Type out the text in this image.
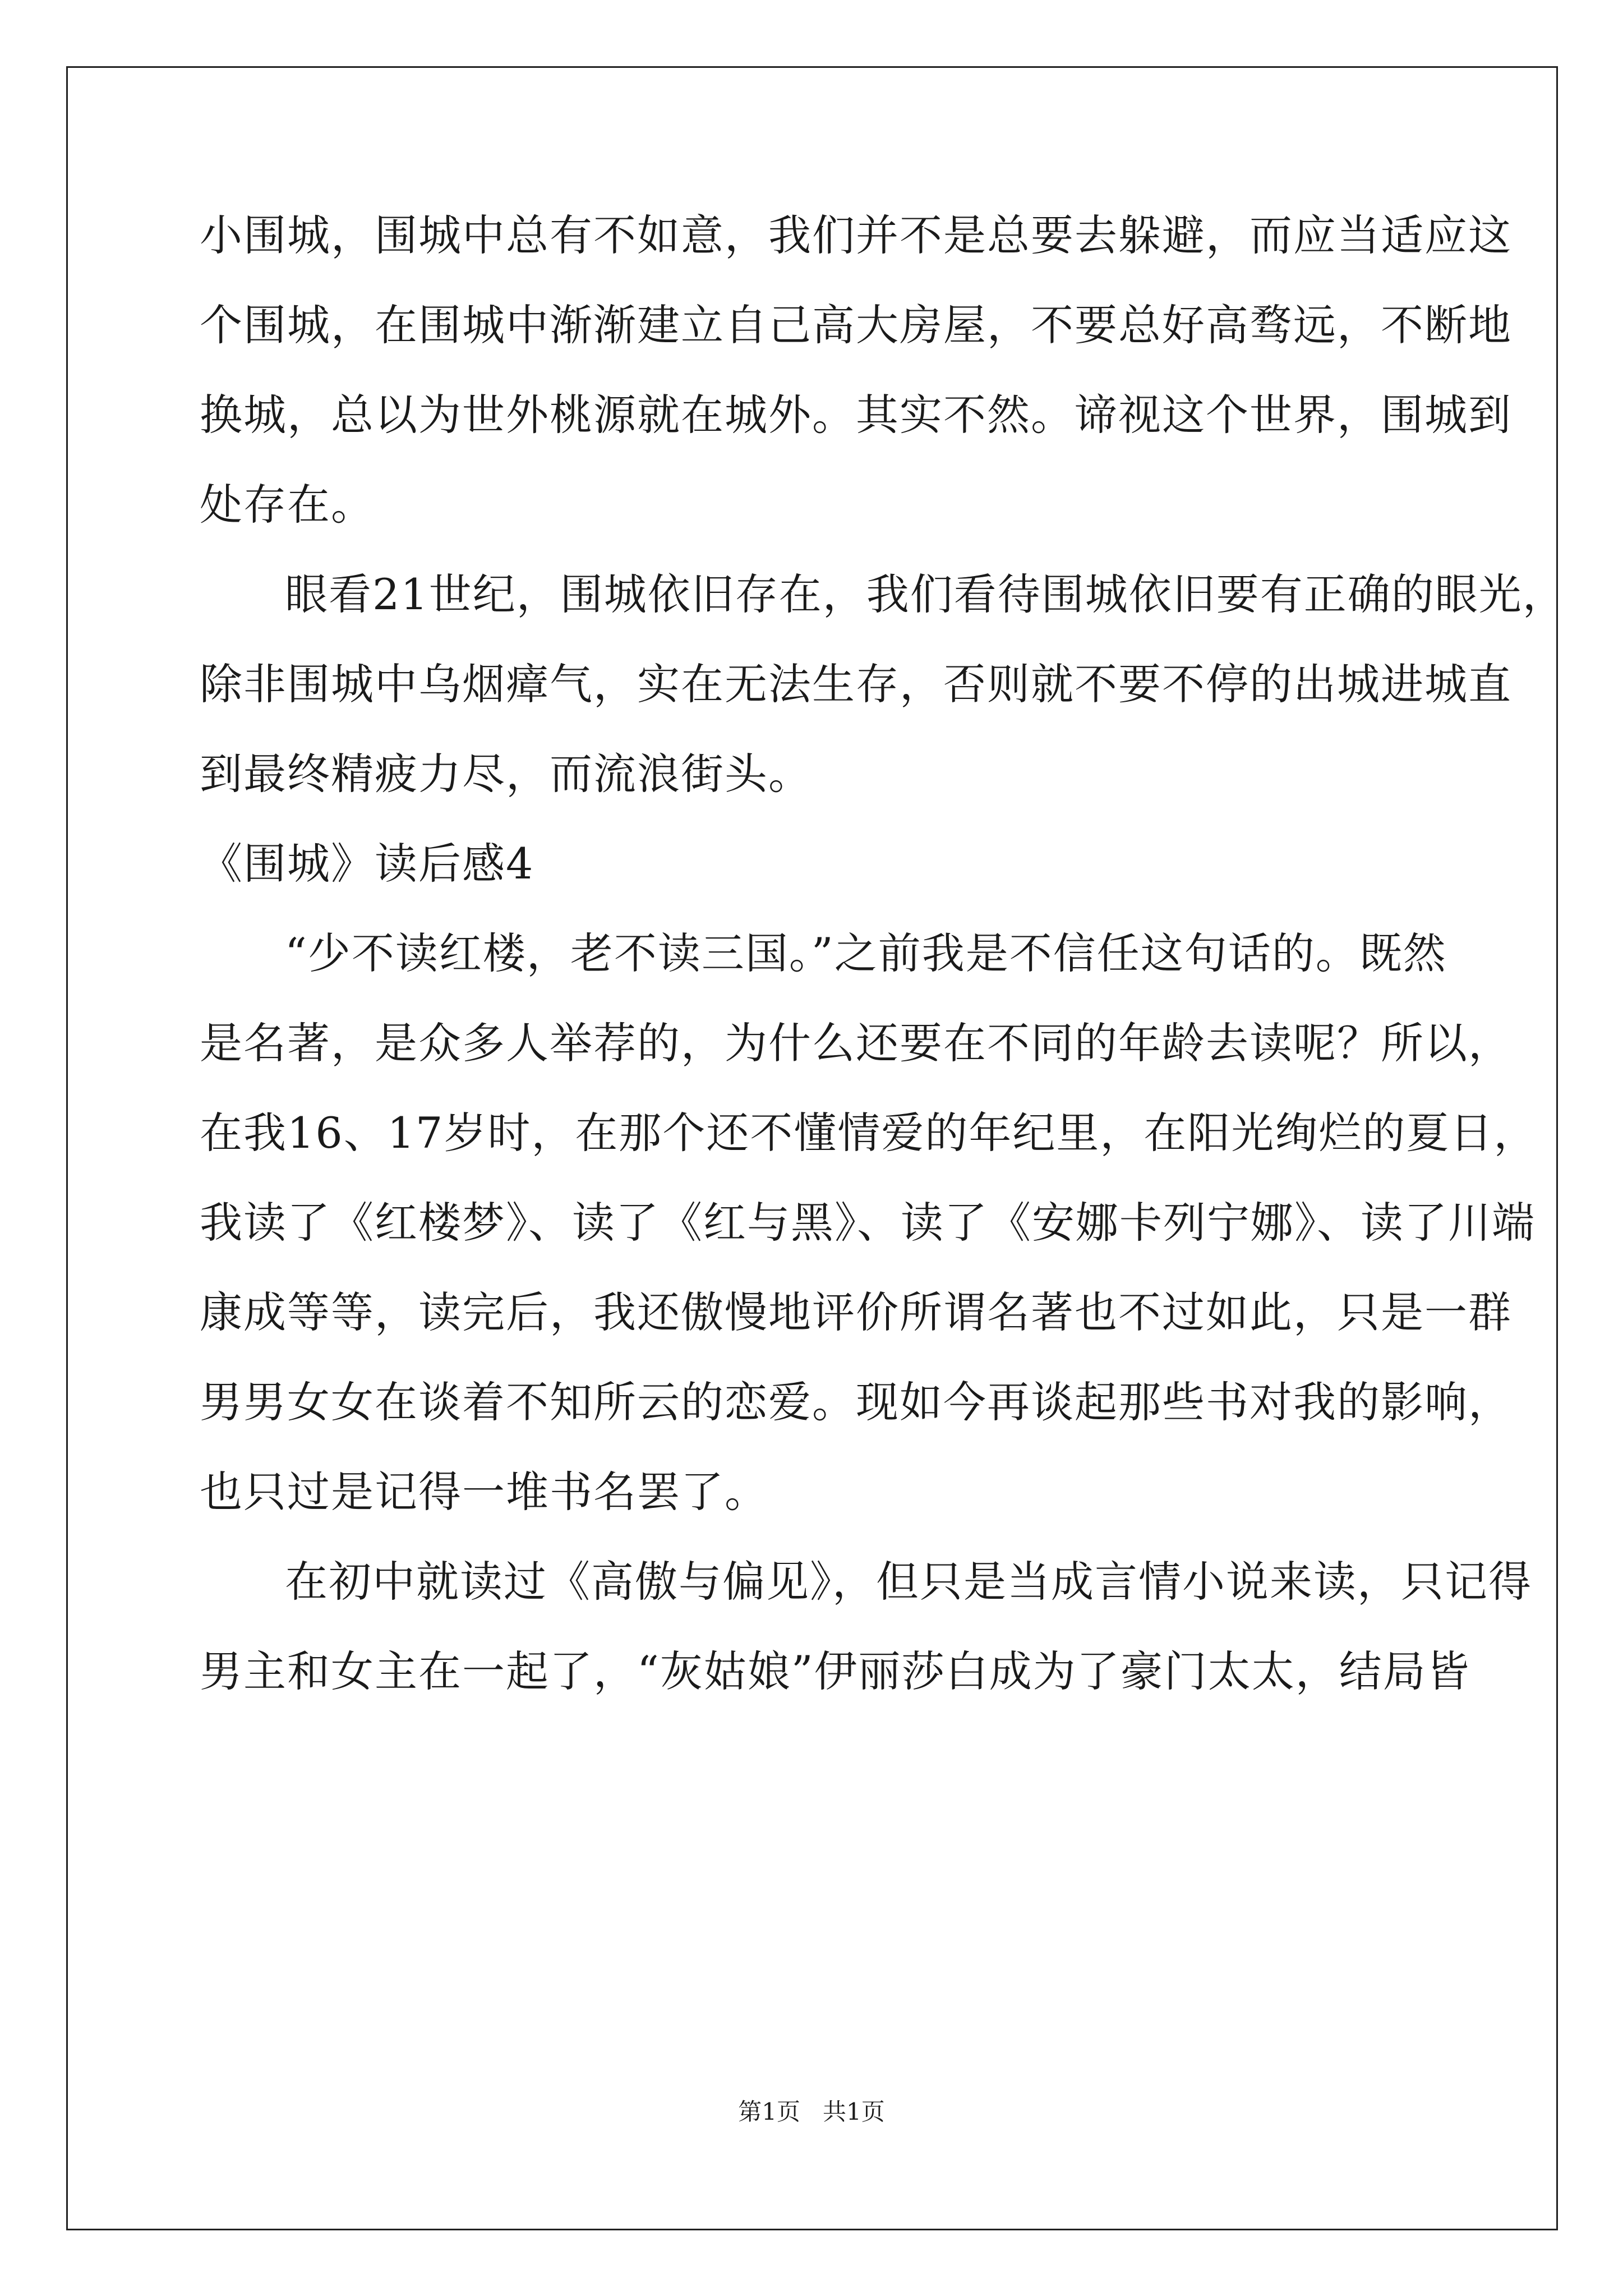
小围城，围城中总有不如意，我们并不是总要去躲避，而应当适应这
个围城，在围城中渐渐建立自己高大房屋，不要总好高骛远，不断地
换城，总以为世外桃源就在城外。其实不然。谛视这个世界，围城到
处存在。
眼看21世纪，围城依旧存在，我们看待围城依旧要有正确的眼光，
除非围城中乌烟瘴气，实在无法生存，否则就不要不停的出城进城直
到最终精疲力尽，而流浪街头。
《围城》读后感4
“少不读红楼，老不读三国。”之前我是不信任这句话的。既然
是名著，是众多人举荐的，为什么还要在不同的年龄去读呢？所以，
在我16、17岁时，在那个还不懂情爱的年纪里，在阳光绚烂的夏日，
我读了《红楼梦》、读了《红与黑》、读了《安娜卡列宁娜》、读了川端
康成等等，读完后，我还傲慢地评价所谓名著也不过如此，只是一群
男男女女在谈着不知所云的恋爱。现如今再谈起那些书对我的影响，
也只过是记得一堆书名罢了。
在初中就读过《高傲与偏见》，但只是当成言情小说来读，只记得
男主和女主在一起了，“灰姑娘”伊丽莎白成为了豪门太太，结局皆
第1页 共1页
